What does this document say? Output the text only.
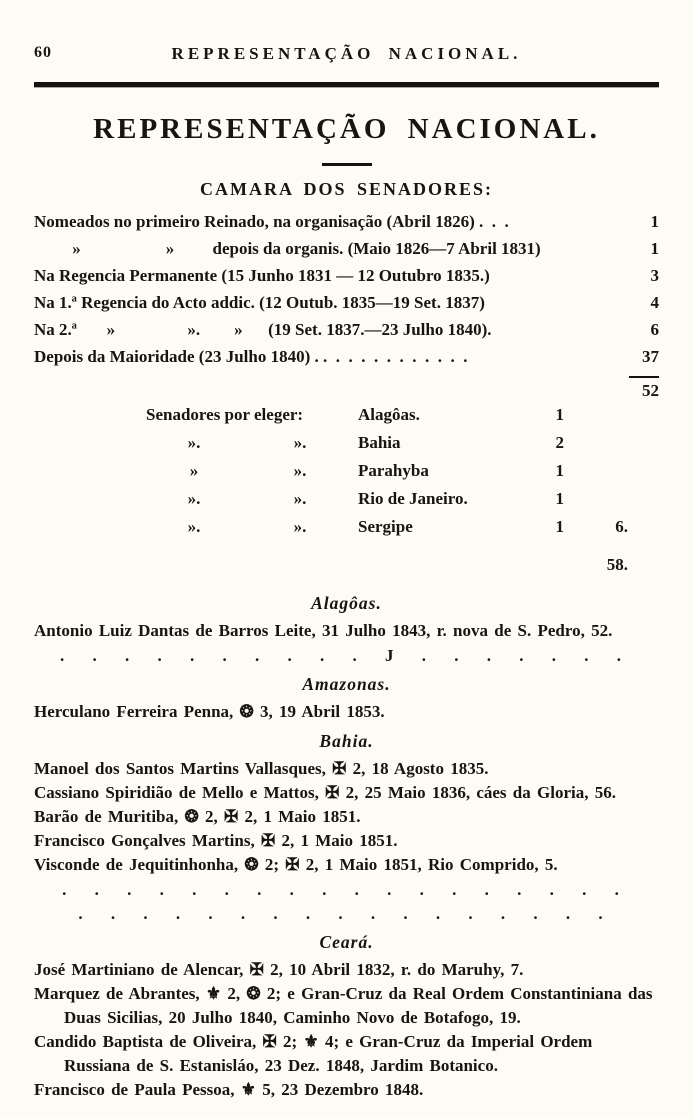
60	REPRESENTAÇÃO NACIONAL.
REPRESENTAÇÃO NACIONAL.
CAMARA DOS SENADORES:
Nomeados no primeiro Reinado, na organisação (Abril 1826) .  .  .	1
»                    »         depois da organis. (Maio 1826—7 Abril 1831)	1
Na Regencia Permanente (15 Junho 1831 — 12 Outubro 1835.)	3
Na 1.ª Regencia do Acto addic. (12 Outub. 1835—19 Set. 1837)	4
Na 2.ª       »                 ».        »      (19 Set. 1837.—23 Julho 1840).	6
Depois da Maioridade (23 Julho 1840) . .  .  .  .  .  .  .  .  .  .  .  .	37
52
Senadores por eleger:	Alagôas.	1
».	».	Bahia	2
»	».	Parahyba	1
».	».	Rio de Janeiro.	1
».	».	Sergipe	1	6.
58.
Alagôas.

Antonio Luiz Dantas de Barros Leite, 31 Julho 1843, r. nova de S. Pedro, 52.

. . . . . . . . . . J . . . . . . .
Amazonas.

Herculano Ferreira Penna, ❂ 3, 19 Abril 1853.

Bahia.

Manoel dos Santos Martins Vallasques, ✠ 2, 18 Agosto 1835.

Cassiano Spiridião de Mello e Mattos, ✠ 2, 25 Maio 1836, cáes da Gloria, 56.

Barão de Muritiba, ❂ 2, ✠ 2, 1 Maio 1851.

Francisco Gonçalves Martins, ✠ 2, 1 Maio 1851.

Visconde de Jequitinhonha, ❂ 2; ✠ 2, 1 Maio 1851, Rio Comprido, 5.

. . . . . . . . . . . . . . . . . .
. . . . . . . . . . . . . . . . .
Ceará.

José Martiniano de Alencar, ✠ 2, 10 Abril 1832, r. do Maruhy, 7.

Marquez de Abrantes, ⚜ 2, ❂ 2; e Gran-Cruz da Real Ordem Constantiniana das Duas Sicilias, 20 Julho 1840, Caminho Novo de Botafogo, 19.

Candido Baptista de Oliveira, ✠ 2; ⚜ 4; e Gran-Cruz da Imperial Ordem Russiana de S. Estanisláo, 23 Dez. 1848, Jardim Botanico.

Francisco de Paula Pessoa, ⚜ 5, 23 Dezembro 1848.
